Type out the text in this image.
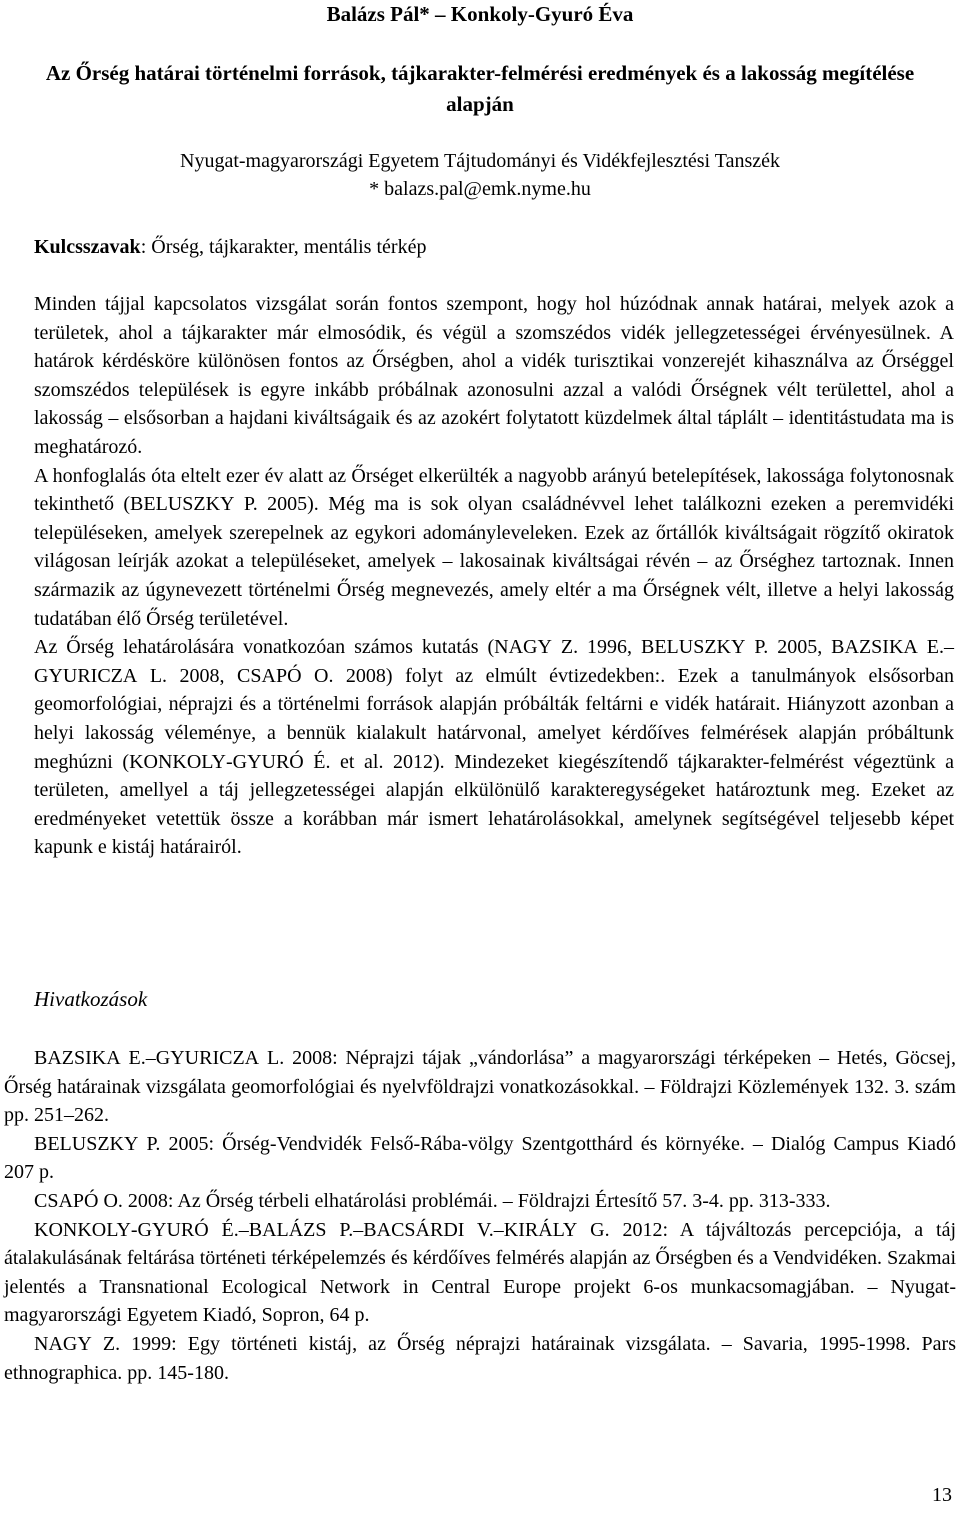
Balázs Pál* – Konkoly-Gyuró Éva
Az Őrség határai történelmi források, tájkarakter-felmérési eredmények és a lakosság megítélése alapján
Nyugat-magyarországi Egyetem Tájtudományi és Vidékfejlesztési Tanszék
* balazs.pal@emk.nyme.hu
Kulcsszavak: Őrség, tájkarakter, mentális térkép

Minden tájjal kapcsolatos vizsgálat során fontos szempont, hogy hol húzódnak annak határai, melyek azok a területek, ahol a tájkarakter már elmosódik, és végül a szomszédos vidék jellegzetességei érvényesülnek. A határok kérdésköre különösen fontos az Őrségben, ahol a vidék turisztikai vonzerejét kihasználva az Őrséggel szomszédos települések is egyre inkább próbálnak azonosulni azzal a valódi Őrségnek vélt területtel, ahol a lakosság – elsősorban a hajdani kiváltságaik és az azokért folytatott küzdelmek által táplált – identitástudata ma is meghatározó.

A honfoglalás óta eltelt ezer év alatt az Őrséget elkerülték a nagyobb arányú betelepítések, lakossága folytonosnak tekinthető (BELUSZKY P. 2005). Még ma is sok olyan családnévvel lehet találkozni ezeken a peremvidéki településeken, amelyek szerepelnek az egykori adományleveleken. Ezek az őrtállók kiváltságait rögzítő okiratok világosan leírják azokat a településeket, amelyek – lakosainak kiváltságai révén – az Őrséghez tartoznak. Innen származik az úgynevezett történelmi Őrség megnevezés, amely eltér a ma Őrségnek vélt, illetve a helyi lakosság tudatában élő Őrség területével.

Az Őrség lehatárolására vonatkozóan számos kutatás (NAGY Z. 1996, BELUSZKY P. 2005, BAZSIKA E.–GYURICZA L. 2008, CSAPÓ O. 2008) folyt az elmúlt évtizedekben:. Ezek a tanulmányok elsősorban geomorfológiai, néprajzi és a történelmi források alapján próbálták feltárni e vidék határait. Hiányzott azonban a helyi lakosság véleménye, a bennük kialakult határvonal, amelyet kérdőíves felmérések alapján próbáltunk meghúzni (KONKOLY-GYURÓ É. et al. 2012). Mindezeket kiegészítendő tájkarakter-felmérést végeztünk a területen, amellyel a táj jellegzetességei alapján elkülönülő karakteregységeket határoztunk meg. Ezeket az eredményeket vetettük össze a korábban már ismert lehatárolásokkal, amelynek segítségével teljesebb képet kapunk e kistáj határairól.

Hivatkozások

BAZSIKA E.–GYURICZA L. 2008: Néprajzi tájak „vándorlása” a magyarországi térképeken – Hetés, Göcsej, Őrség határainak vizsgálata geomorfológiai és nyelvföldrajzi vonatkozásokkal. – Földrajzi Közlemények 132. 3. szám pp. 251–262.

BELUSZKY P. 2005: Őrség-Vendvidék Felső-Rába-völgy Szentgotthárd és környéke. – Dialóg Campus Kiadó 207 p.

CSAPÓ O. 2008: Az Őrség térbeli elhatárolási problémái. – Földrajzi Értesítő 57. 3-4. pp. 313-333.

KONKOLY-GYURÓ É.–BALÁZS P.–BACSÁRDI V.–KIRÁLY G. 2012: A tájváltozás percepciója, a táj átalakulásának feltárása történeti térképelemzés és kérdőíves felmérés alapján az Őrségben és a Vendvidéken. Szakmai jelentés a Transnational Ecological Network in Central Europe projekt 6-os munkacsomagjában. – Nyugat-magyarországi Egyetem Kiadó, Sopron, 64 p.

NAGY Z. 1999: Egy történeti kistáj, az Őrség néprajzi határainak vizsgálata. – Savaria, 1995-1998. Pars ethnographica. pp. 145-180.

13
